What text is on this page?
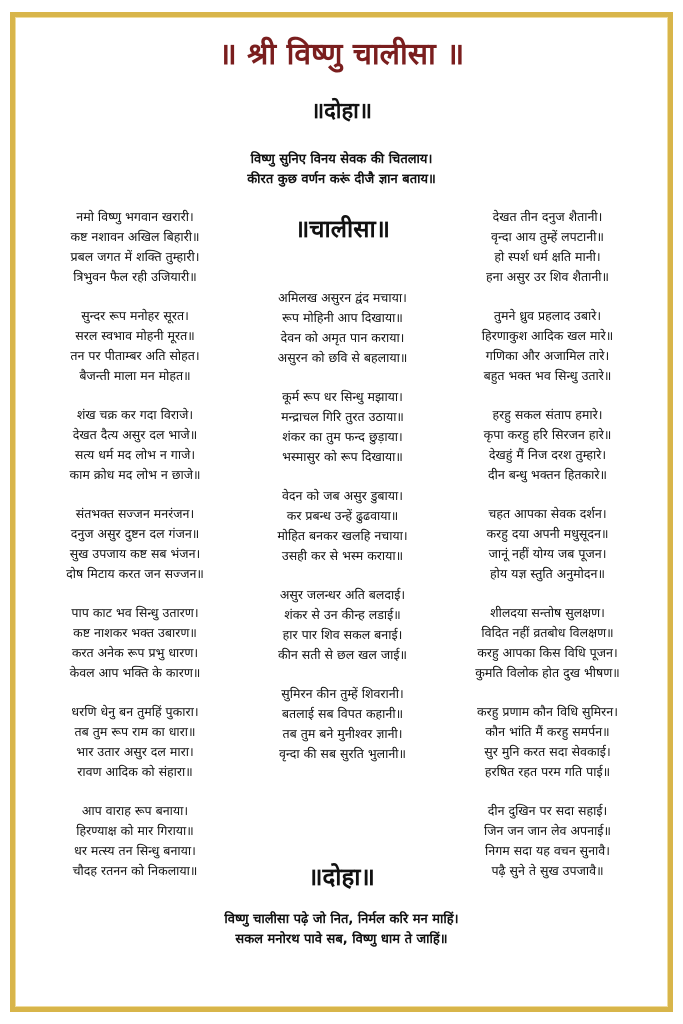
॥ श्री विष्णु चालीसा ॥
॥दोहा॥
विष्णु सुनिए विनय सेवक की चितलाय।
कीरत कुछ वर्णन करूं दीजै ज्ञान बताय॥
॥चालीसा॥
नमो विष्णु भगवान खरारी।
कष्ट नशावन अखिल बिहारी॥
प्रबल जगत में शक्ति तुम्हारी।
त्रिभुवन फैल रही उजियारी॥
सुन्दर रूप मनोहर सूरत।
सरल स्वभाव मोहनी मूरत॥
तन पर पीताम्बर अति सोहत।
बैजन्ती माला मन मोहत॥
शंख चक्र कर गदा विराजे।
देखत दैत्य असुर दल भाजे॥
सत्य धर्म मद लोभ न गाजे।
काम क्रोध मद लोभ न छाजे॥
संतभक्त सज्जन मनरंजन।
दनुज असुर दुष्टन दल गंजन॥
सुख उपजाय कष्ट सब भंजन।
दोष मिटाय करत जन सज्जन॥
पाप काट भव सिन्धु उतारण।
कष्ट नाशकर भक्त उबारण॥
करत अनेक रूप प्रभु धारण।
केवल आप भक्ति के कारण॥
धरणि धेनु बन तुमहिं पुकारा।
तब तुम रूप राम का धारा॥
भार उतार असुर दल मारा।
रावण आदिक को संहारा॥
आप वाराह रूप बनाया।
हिरण्याक्ष को मार गिराया॥
धर मत्स्य तन सिन्धु बनाया।
चौदह रतनन को निकलाया॥
अमिलख असुरन द्वंद मचाया।
रूप मोहिनी आप दिखाया॥
देवन को अमृत पान कराया।
असुरन को छवि से बहलाया॥
कूर्म रूप धर सिन्धु मझाया।
मन्द्राचल गिरि तुरत उठाया॥
शंकर का तुम फन्द छुड़ाया।
भस्मासुर को रूप दिखाया॥
वेदन को जब असुर डुबाया।
कर प्रबन्ध उन्हें ढुढवाया॥
मोहित बनकर खलहि नचाया।
उसही कर से भस्म कराया॥
असुर जलन्धर अति बलदाई।
शंकर से उन कीन्ह लडाई॥
हार पार शिव सकल बनाई।
कीन सती से छल खल जाई॥
सुमिरन कीन तुम्हें शिवरानी।
बतलाई सब विपत कहानी॥
तब तुम बने मुनीश्वर ज्ञानी।
वृन्दा की सब सुरति भुलानी॥
देखत तीन दनुज शैतानी।
वृन्दा आय तुम्हें लपटानी॥
हो स्पर्श धर्म क्षति मानी।
हना असुर उर शिव शैतानी॥
तुमने ध्रुव प्रहलाद उबारे।
हिरणाकुश आदिक खल मारे॥
गणिका और अजामिल तारे।
बहुत भक्त भव सिन्धु उतारे॥
हरहु सकल संताप हमारे।
कृपा करहु हरि सिरजन हारे॥
देखहुं मैं निज दरश तुम्हारे।
दीन बन्धु भक्तन हितकारे॥
चहत आपका सेवक दर्शन।
करहु दया अपनी मधुसूदन॥
जानूं नहीं योग्य जब पूजन।
होय यज्ञ स्तुति अनुमोदन॥
शीलदया सन्तोष सुलक्षण।
विदित नहीं व्रतबोध विलक्षण॥
करहु आपका किस विधि पूजन।
कुमति विलोक होत दुख भीषण॥
करहु प्रणाम कौन विधि सुमिरन।
कौन भांति मैं करहु समर्पन॥
सुर मुनि करत सदा सेवकाई।
हरषित रहत परम गति पाई॥
दीन दुखिन पर सदा सहाई।
जिन जन जान लेव अपनाई॥
निगम सदा यह वचन सुनावै।
पढ़ै सुने ते सुख उपजावै॥
॥दोहा॥
विष्णु चालीसा पढ़े जो नित, निर्मल करि मन माहिं।
सकल मनोरथ पावे सब, विष्णु धाम ते जाहिं॥
